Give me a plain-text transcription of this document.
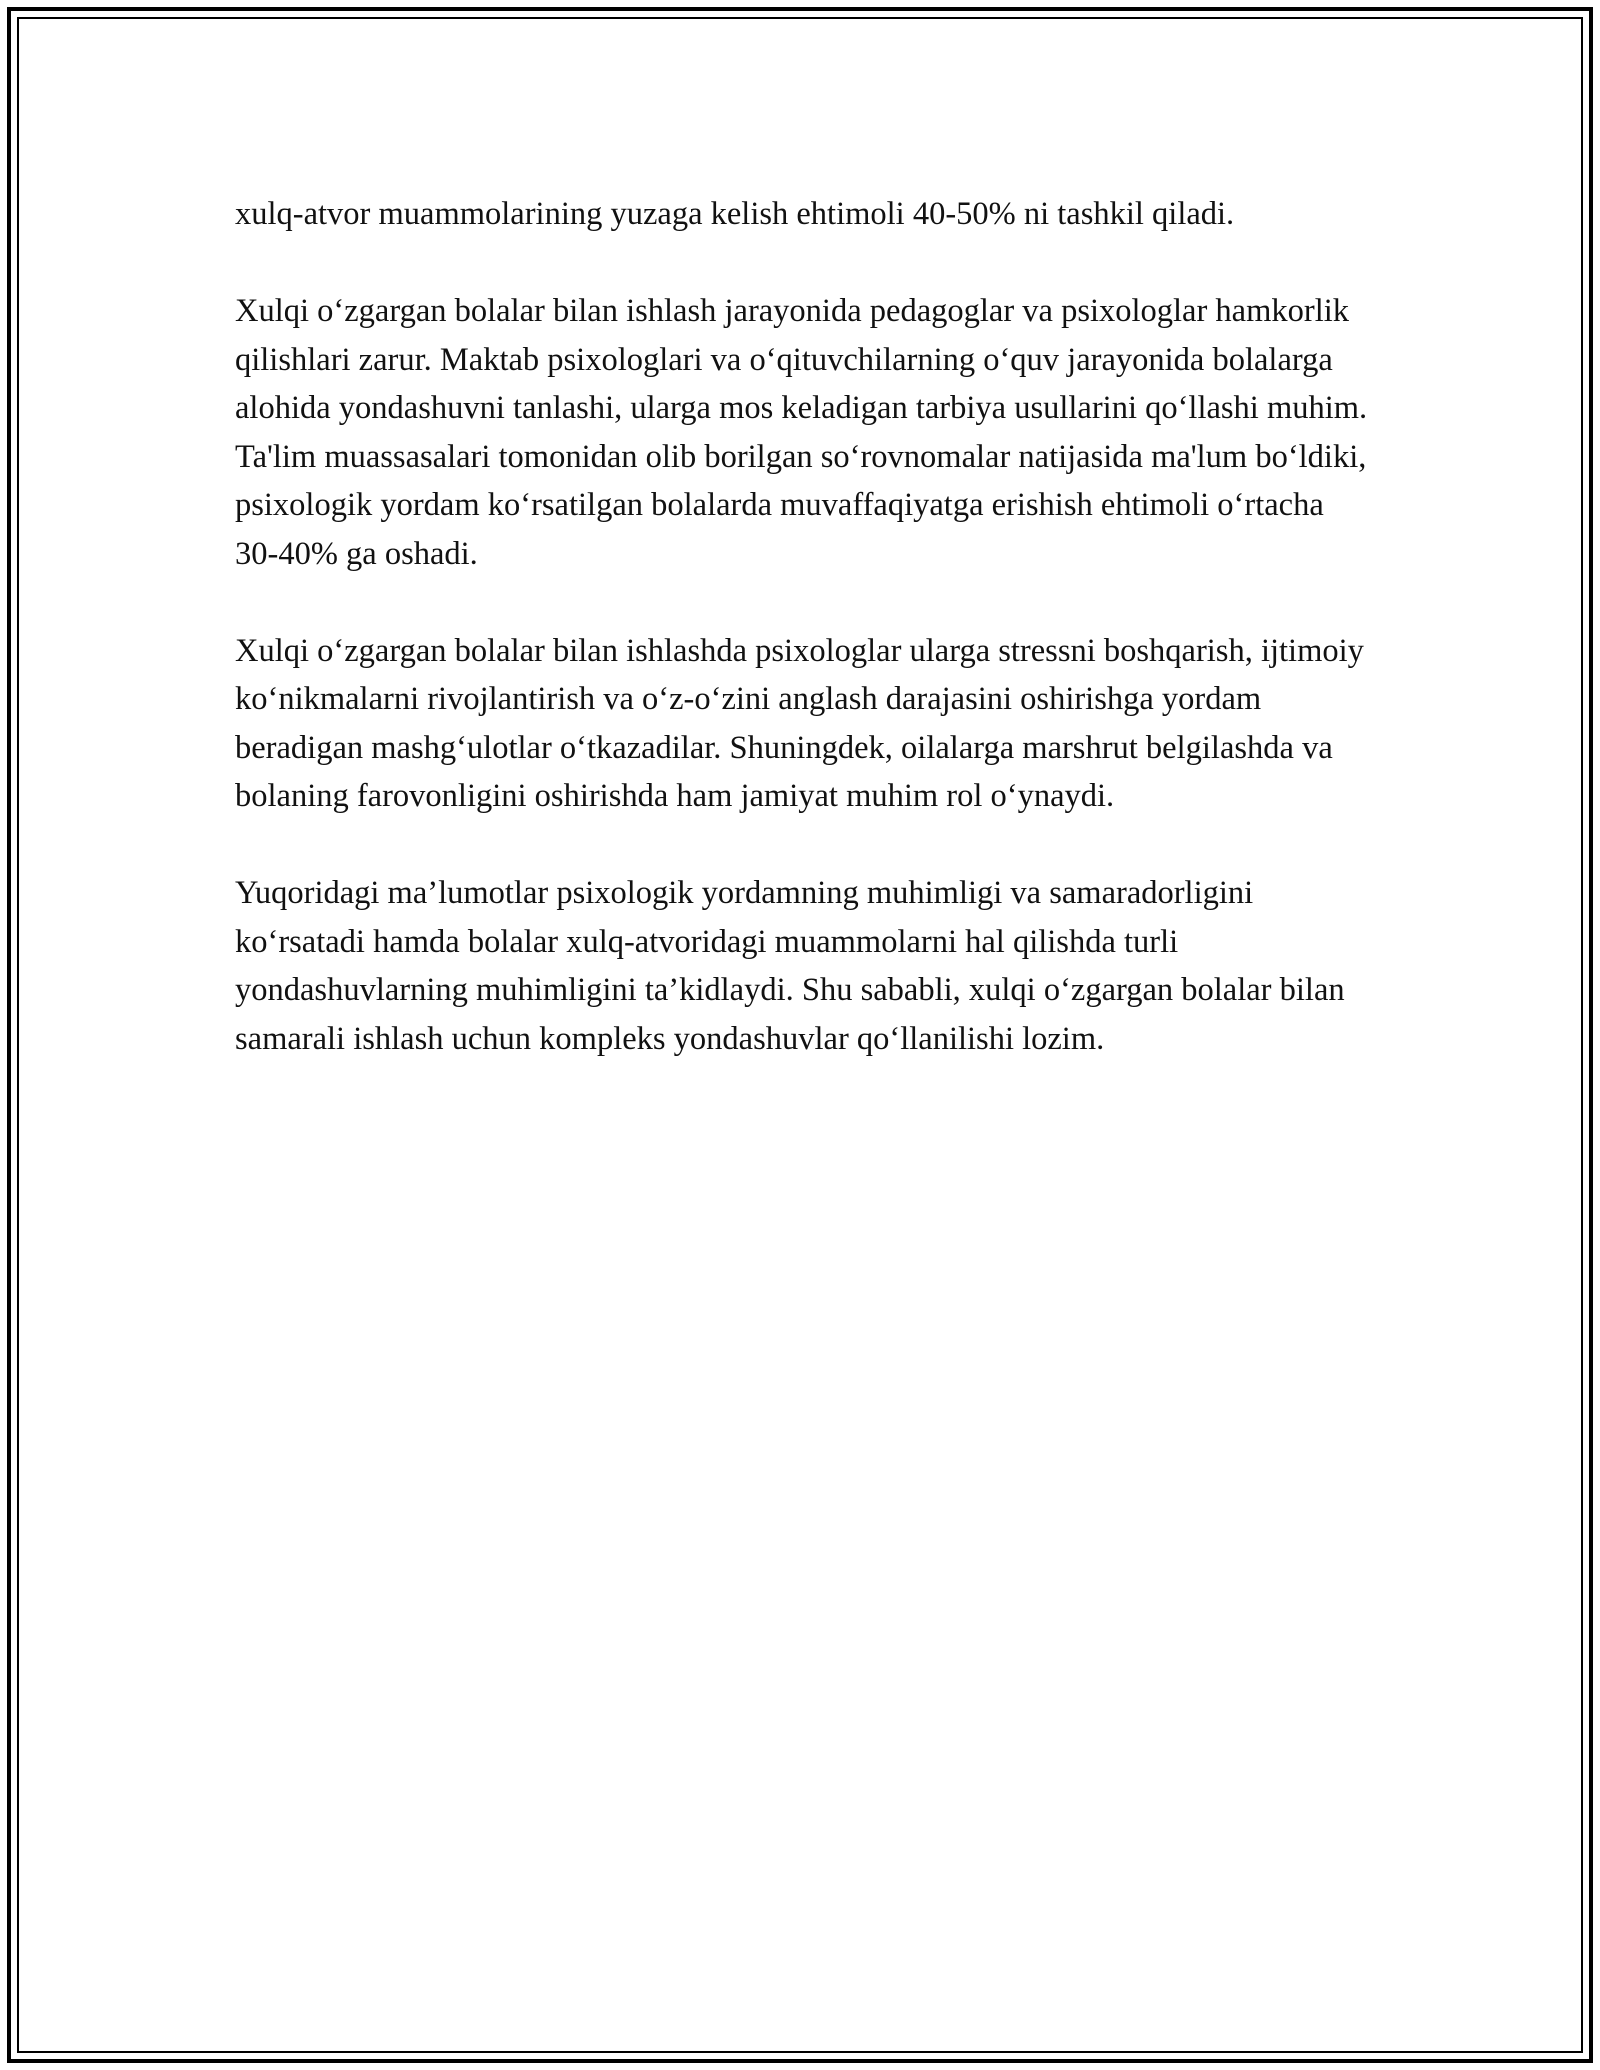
xulq-atvor muammolarining yuzaga kelish ehtimoli 40-50% ni tashkil qiladi.

Xulqi o‘zgargan bolalar bilan ishlash jarayonida pedagoglar va psixologlar hamkorlik qilishlari zarur. Maktab psixologlari va o‘qituvchilarning o‘quv jarayonida bolalarga alohida yondashuvni tanlashi, ularga mos keladigan tarbiya usullarini qo‘llashi muhim. Ta'lim muassasalari tomonidan olib borilgan so‘rovnomalar natijasida ma'lum bo‘ldiki, psixologik yordam ko‘rsatilgan bolalarda muvaffaqiyatga erishish ehtimoli o‘rtacha 30-40% ga oshadi.

Xulqi o‘zgargan bolalar bilan ishlashda psixologlar ularga stressni boshqarish, ijtimoiy ko‘nikmalarni rivojlantirish va o‘z-o‘zini anglash darajasini oshirishga yordam beradigan mashg‘ulotlar o‘tkazadilar. Shuningdek, oilalarga marshrut belgilashda va bolaning farovonligini oshirishda ham jamiyat muhim rol o‘ynaydi.

Yuqoridagi ma’lumotlar psixologik yordamning muhimligi va samaradorligini ko‘rsatadi hamda bolalar xulq-atvoridagi muammolarni hal qilishda turli yondashuvlarning muhimligini ta’kidlaydi. Shu sababli, xulqi o‘zgargan bolalar bilan samarali ishlash uchun kompleks yondashuvlar qo‘llanilishi lozim.
